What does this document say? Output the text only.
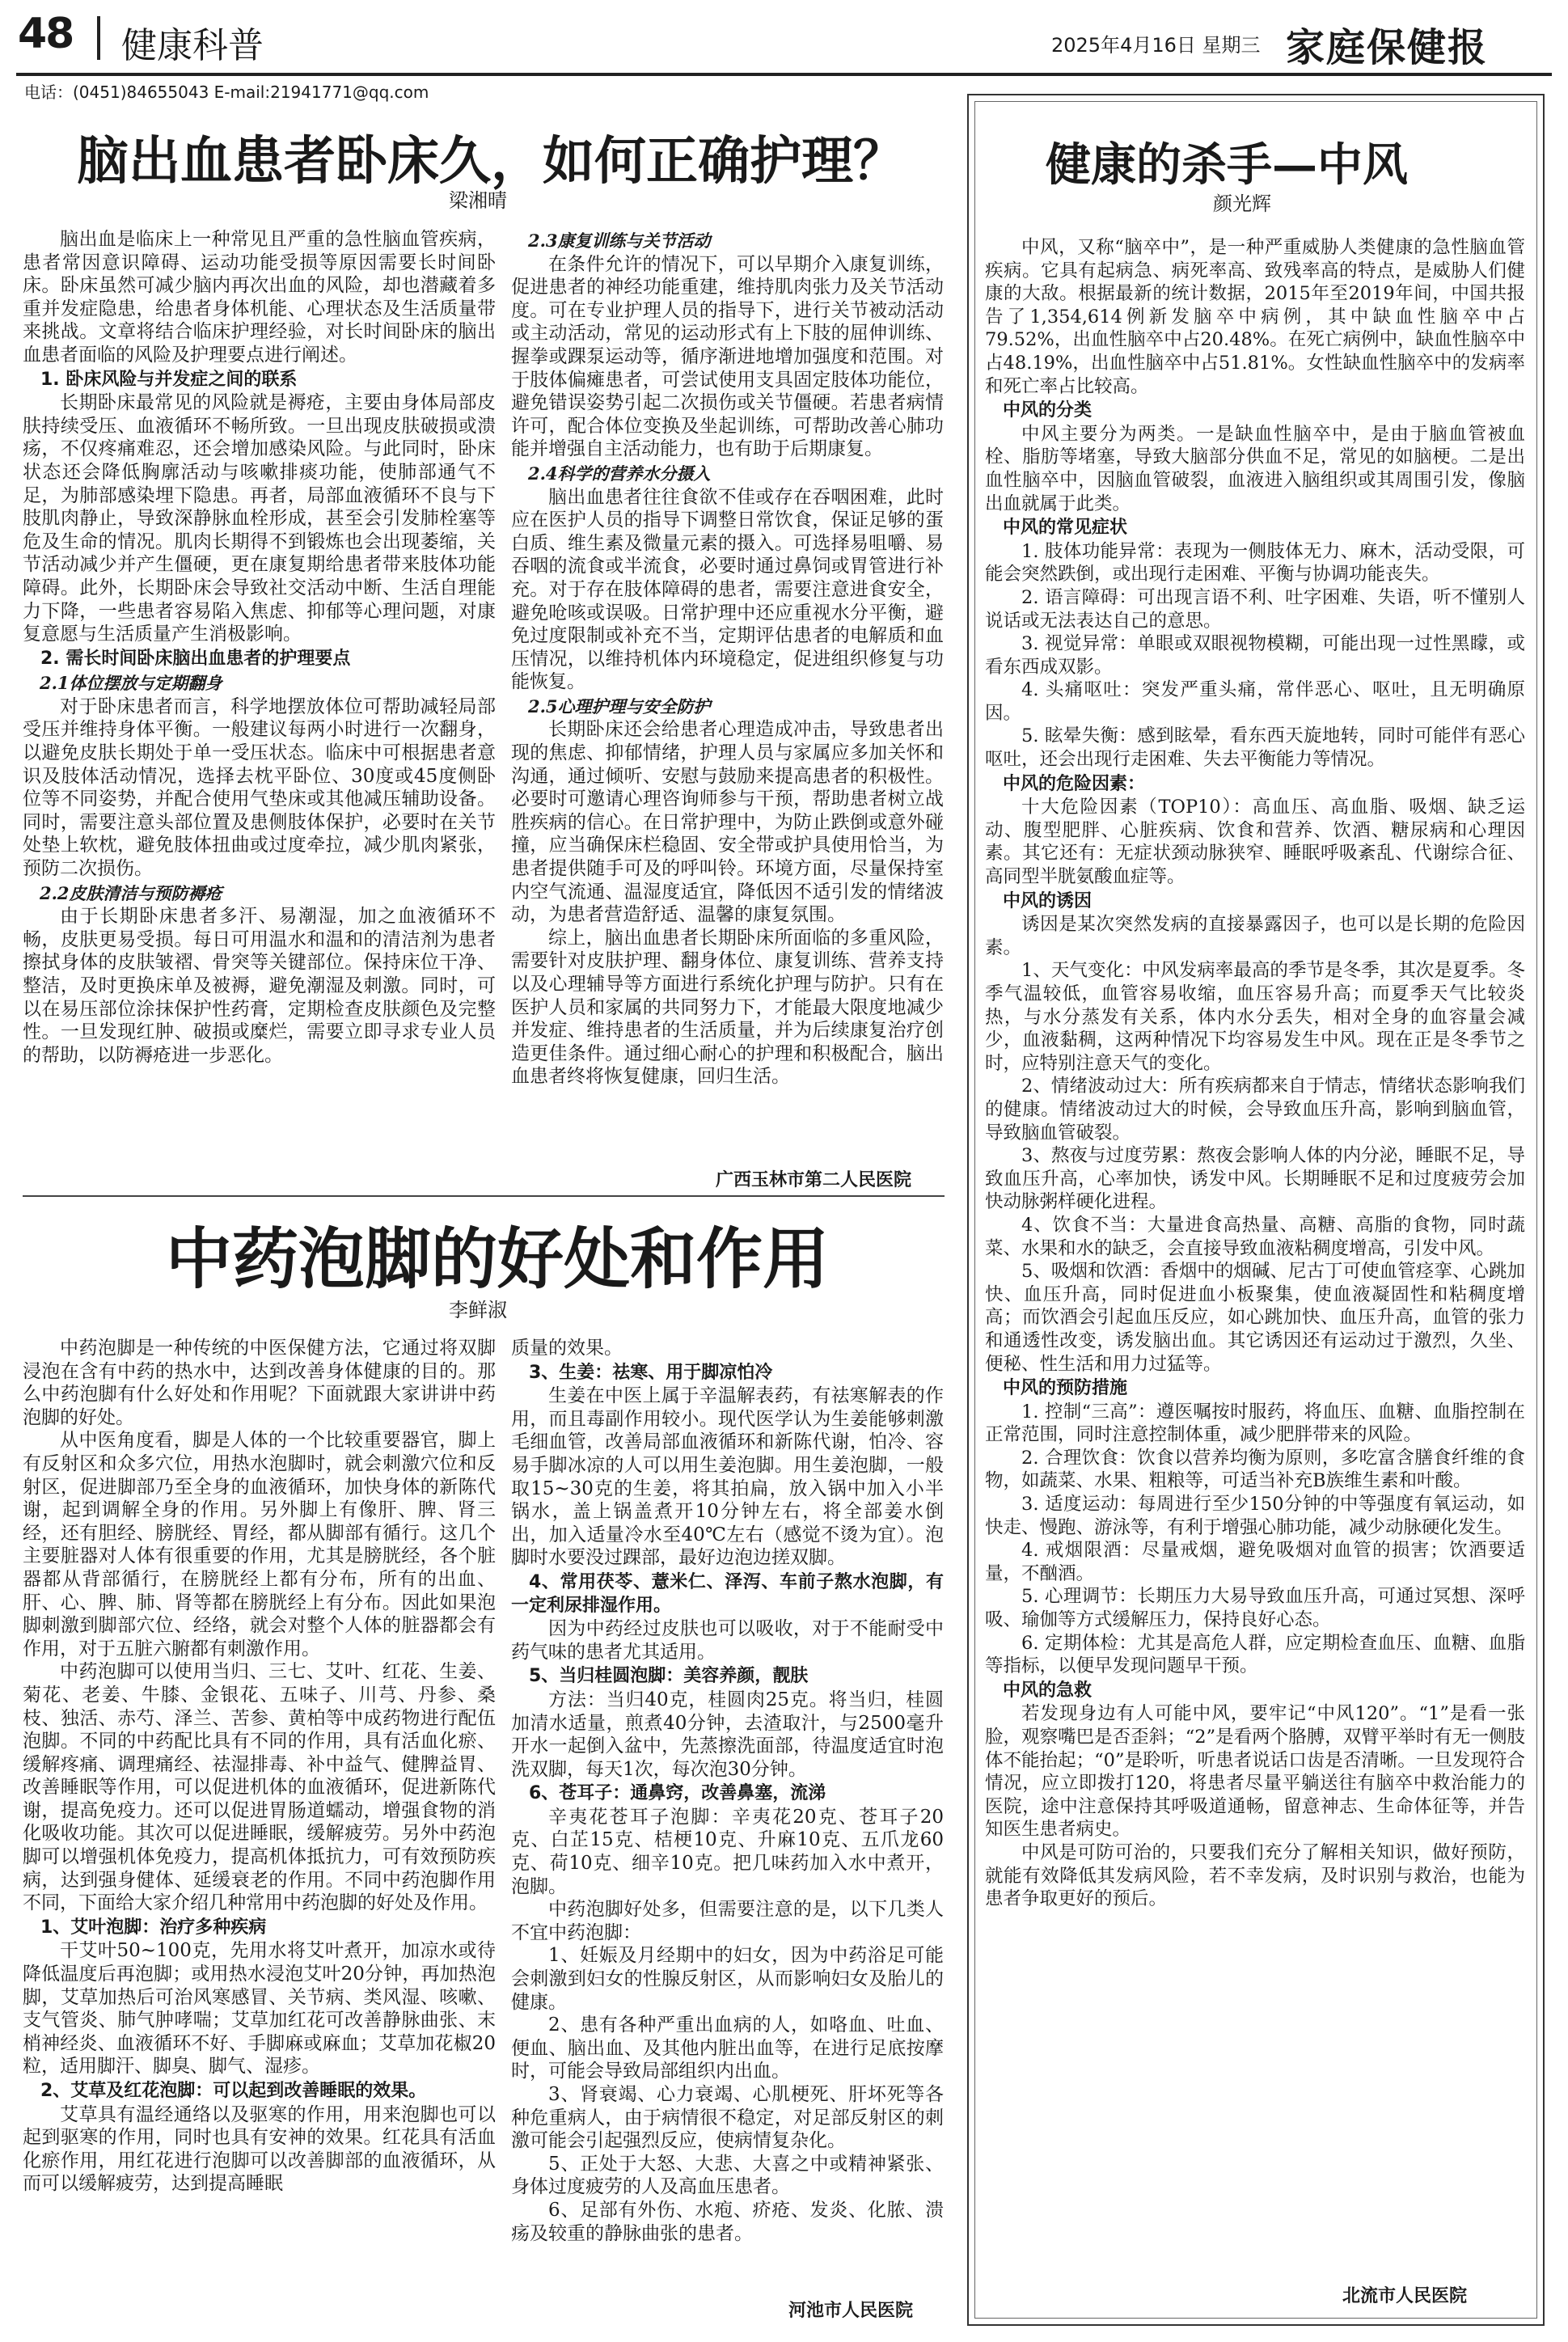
48 健康科普	2025年4月16日 星期三 家庭保健报
电话：(0451)84655043 E-mail:21941771@qq.com
脑出血患者卧床久，如何正确护理？
梁湘晴

脑出血是临床上一种常见且严重的急性脑血管疾病，患者常因意识障碍、运动功能受损等原因需要长时间卧床。卧床虽然可减少脑内再次出血的风险，却也潜藏着多重并发症隐患，给患者身体机能、心理状态及生活质量带来挑战。文章将结合临床护理经验，对长时间卧床的脑出血患者面临的风险及护理要点进行阐述。

1. 卧床风险与并发症之间的联系

长期卧床最常见的风险就是褥疮，主要由身体局部皮肤持续受压、血液循环不畅所致。一旦出现皮肤破损或溃疡，不仅疼痛难忍，还会增加感染风险。与此同时，卧床状态还会降低胸廓活动与咳嗽排痰功能，使肺部通气不足，为肺部感染埋下隐患。再者，局部血液循环不良与下肢肌肉静止，导致深静脉血栓形成，甚至会引发肺栓塞等危及生命的情况。肌肉长期得不到锻炼也会出现萎缩，关节活动减少并产生僵硬，更在康复期给患者带来肢体功能障碍。此外，长期卧床会导致社交活动中断、生活自理能力下降，一些患者容易陷入焦虑、抑郁等心理问题，对康复意愿与生活质量产生消极影响。

2. 需长时间卧床脑出血患者的护理要点
2.1体位摆放与定期翻身

对于卧床患者而言，科学地摆放体位可帮助减轻局部受压并维持身体平衡。一般建议每两小时进行一次翻身，以避免皮肤长期处于单一受压状态。临床中可根据患者意识及肢体活动情况，选择去枕平卧位、30度或45度侧卧位等不同姿势，并配合使用气垫床或其他减压辅助设备。同时，需要注意头部位置及患侧肢体保护，必要时在关节处垫上软枕，避免肢体扭曲或过度牵拉，减少肌肉紧张，预防二次损伤。

2.2皮肤清洁与预防褥疮

由于长期卧床患者多汗、易潮湿，加之血液循环不畅，皮肤更易受损。每日可用温水和温和的清洁剂为患者擦拭身体的皮肤皱褶、骨突等关键部位。保持床位干净、整洁，及时更换床单及被褥，避免潮湿及刺激。同时，可以在易压部位涂抹保护性药膏，定期检查皮肤颜色及完整性。一旦发现红肿、破损或糜烂，需要立即寻求专业人员的帮助，以防褥疮进一步恶化。

2.3康复训练与关节活动

在条件允许的情况下，可以早期介入康复训练，促进患者的神经功能重建，维持肌肉张力及关节活动度。可在专业护理人员的指导下，进行关节被动活动或主动活动，常见的运动形式有上下肢的屈伸训练、握拳或踝泵运动等，循序渐进地增加强度和范围。对于肢体偏瘫患者，可尝试使用支具固定肢体功能位，避免错误姿势引起二次损伤或关节僵硬。若患者病情许可，配合体位变换及坐起训练，可帮助改善心肺功能并增强自主活动能力，也有助于后期康复。

2.4科学的营养水分摄入

脑出血患者往往食欲不佳或存在吞咽困难，此时应在医护人员的指导下调整日常饮食，保证足够的蛋白质、维生素及微量元素的摄入。可选择易咀嚼、易吞咽的流食或半流食，必要时通过鼻饲或胃管进行补充。对于存在肢体障碍的患者，需要注意进食安全，避免呛咳或误吸。日常护理中还应重视水分平衡，避免过度限制或补充不当，定期评估患者的电解质和血压情况，以维持机体内环境稳定，促进组织修复与功能恢复。

2.5心理护理与安全防护

长期卧床还会给患者心理造成冲击，导致患者出现的焦虑、抑郁情绪，护理人员与家属应多加关怀和沟通，通过倾听、安慰与鼓励来提高患者的积极性。必要时可邀请心理咨询师参与干预，帮助患者树立战胜疾病的信心。在日常护理中，为防止跌倒或意外碰撞，应当确保床栏稳固、安全带或护具使用恰当，为患者提供随手可及的呼叫铃。环境方面，尽量保持室内空气流通、温湿度适宜，降低因不适引发的情绪波动，为患者营造舒适、温馨的康复氛围。

综上，脑出血患者长期卧床所面临的多重风险，需要针对皮肤护理、翻身体位、康复训练、营养支持以及心理辅导等方面进行系统化护理与防护。只有在医护人员和家属的共同努力下，才能最大限度地减少并发症、维持患者的生活质量，并为后续康复治疗创造更佳条件。通过细心耐心的护理和积极配合，脑出血患者终将恢复健康，回归生活。

广西玉林市第二人民医院
中药泡脚的好处和作用
李鲜淑

中药泡脚是一种传统的中医保健方法，它通过将双脚浸泡在含有中药的热水中，达到改善身体健康的目的。那么中药泡脚有什么好处和作用呢？下面就跟大家讲讲中药泡脚的好处。

从中医角度看，脚是人体的一个比较重要器官，脚上有反射区和众多穴位，用热水泡脚时，就会刺激穴位和反射区，促进脚部乃至全身的血液循环，加快身体的新陈代谢，起到调解全身的作用。另外脚上有像肝、脾、肾三经，还有胆经、膀胱经、胃经，都从脚部有循行。这几个主要脏器对人体有很重要的作用，尤其是膀胱经，各个脏器都从背部循行，在膀胱经上都有分布，所有的出血、肝、心、脾、肺、肾等都在膀胱经上有分布。因此如果泡脚刺激到脚部穴位、经络，就会对整个人体的脏器都会有作用，对于五脏六腑都有刺激作用。

中药泡脚可以使用当归、三七、艾叶、红花、生姜、菊花、老姜、牛膝、金银花、五味子、川芎、丹参、桑枝、独活、赤芍、泽兰、苦参、黄柏等中成药物进行配伍泡脚。不同的中药配比具有不同的作用，具有活血化瘀、缓解疼痛、调理痛经、祛湿排毒、补中益气、健脾益胃、改善睡眠等作用，可以促进机体的血液循环，促进新陈代谢，提高免疫力。还可以促进胃肠道蠕动，增强食物的消化吸收功能。其次可以促进睡眠，缓解疲劳。另外中药泡脚可以增强机体免疫力，提高机体抵抗力，可有效预防疾病，达到强身健体、延缓衰老的作用。不同中药泡脚作用不同，下面给大家介绍几种常用中药泡脚的好处及作用。

1、艾叶泡脚：治疗多种疾病

干艾叶50~100克，先用水将艾叶煮开，加凉水或待降低温度后再泡脚；或用热水浸泡艾叶20分钟，再加热泡脚，艾草加热后可治风寒感冒、关节病、类风湿、咳嗽、支气管炎、肺气肿哮喘；艾草加红花可改善静脉曲张、末梢神经炎、血液循环不好、手脚麻或麻血；艾草加花椒20粒，适用脚汗、脚臭、脚气、湿疹。

2、艾草及红花泡脚：可以起到改善睡眠的效果。

艾草具有温经通络以及驱寒的作用，用来泡脚也可以起到驱寒的作用，同时也具有安神的效果。红花具有活血化瘀作用，用红花进行泡脚可以改善脚部的血液循环，从而可以缓解疲劳，达到提高睡眠

质量的效果。

3、生姜：祛寒、用于脚凉怕冷

生姜在中医上属于辛温解表药，有祛寒解表的作用，而且毒副作用较小。现代医学认为生姜能够刺激毛细血管，改善局部血液循环和新陈代谢，怕冷、容易手脚冰凉的人可以用生姜泡脚。用生姜泡脚，一般取15~30克的生姜，将其拍扁，放入锅中加入小半锅水，盖上锅盖煮开10分钟左右，将全部姜水倒出，加入适量冷水至40℃左右（感觉不烫为宜）。泡脚时水要没过踝部，最好边泡边搓双脚。

4、常用茯苓、薏米仁、泽泻、车前子熬水泡脚，有一定利尿排湿作用。

因为中药经过皮肤也可以吸收，对于不能耐受中药气味的患者尤其适用。

5、当归桂圆泡脚：美容养颜，靓肤

方法：当归40克，桂圆肉25克。将当归，桂圆加清水适量，煎煮40分钟，去渣取汁，与2500毫升开水一起倒入盆中，先蒸擦洗面部，待温度适宜时泡洗双脚，每天1次，每次泡30分钟。

6、苍耳子：通鼻窍，改善鼻塞，流涕

辛夷花苍耳子泡脚：辛夷花20克、苍耳子20克、白芷15克、桔梗10克、升麻10克、五爪龙60克、荷10克、细辛10克。把几味药加入水中煮开，泡脚。

中药泡脚好处多，但需要注意的是，以下几类人不宜中药泡脚：

1、妊娠及月经期中的妇女，因为中药浴足可能会刺激到妇女的性腺反射区，从而影响妇女及胎儿的健康。

2、患有各种严重出血病的人，如咯血、吐血、便血、脑出血、及其他内脏出血等，在进行足底按摩时，可能会导致局部组织内出血。

3、肾衰竭、心力衰竭、心肌梗死、肝坏死等各种危重病人，由于病情很不稳定，对足部反射区的刺激可能会引起强烈反应，使病情复杂化。

5、正处于大怒、大悲、大喜之中或精神紧张、身体过度疲劳的人及高血压患者。

6、足部有外伤、水疱、疥疮、发炎、化脓、溃疡及较重的静脉曲张的患者。

河池市人民医院
健康的杀手—中风
颜光辉

中风，又称“脑卒中”，是一种严重威胁人类健康的急性脑血管疾病。它具有起病急、病死率高、致残率高的特点，是威胁人们健康的大敌。根据最新的统计数据，2015年至2019年间，中国共报告了1,354,614例新发脑卒中病例，其中缺血性脑卒中占79.52%，出血性脑卒中占20.48%。在死亡病例中，缺血性脑卒中占48.19%，出血性脑卒中占51.81%。女性缺血性脑卒中的发病率和死亡率占比较高。

中风的分类

中风主要分为两类。一是缺血性脑卒中，是由于脑血管被血栓、脂肪等堵塞，导致大脑部分供血不足，常见的如脑梗。二是出血性脑卒中，因脑血管破裂，血液进入脑组织或其周围引发，像脑出血就属于此类。

中风的常见症状

1. 肢体功能异常：表现为一侧肢体无力、麻木，活动受限，可能会突然跌倒，或出现行走困难、平衡与协调功能丧失。

2. 语言障碍：可出现言语不利、吐字困难、失语，听不懂别人说话或无法表达自己的意思。

3. 视觉异常：单眼或双眼视物模糊，可能出现一过性黑矇，或看东西成双影。

4. 头痛呕吐：突发严重头痛，常伴恶心、呕吐，且无明确原因。

5. 眩晕失衡：感到眩晕，看东西天旋地转，同时可能伴有恶心呕吐，还会出现行走困难、失去平衡能力等情况。

中风的危险因素：

十大危险因素（TOP10）：高血压、高血脂、吸烟、缺乏运动、腹型肥胖、心脏疾病、饮食和营养、饮酒、糖尿病和心理因素。其它还有：无症状颈动脉狭窄、睡眠呼吸紊乱、代谢综合征、高同型半胱氨酸血症等。

中风的诱因

诱因是某次突然发病的直接暴露因子，也可以是长期的危险因素。

1、天气变化：中风发病率最高的季节是冬季，其次是夏季。冬季气温较低，血管容易收缩，血压容易升高；而夏季天气比较炎热，与水分蒸发有关系，体内水分丢失，相对全身的血容量会减少，血液黏稠，这两种情况下均容易发生中风。现在正是冬季节之时，应特别注意天气的变化。

2、情绪波动过大：所有疾病都来自于情志，情绪状态影响我们的健康。情绪波动过大的时候，会导致血压升高，影响到脑血管，导致脑血管破裂。

3、熬夜与过度劳累：熬夜会影响人体的内分泌，睡眠不足，导致血压升高，心率加快，诱发中风。长期睡眠不足和过度疲劳会加快动脉粥样硬化进程。

4、饮食不当：大量进食高热量、高糖、高脂的食物，同时蔬菜、水果和水的缺乏，会直接导致血液粘稠度增高，引发中风。

5、吸烟和饮酒：香烟中的烟碱、尼古丁可使血管痉挛、心跳加快、血压升高，同时促进血小板聚集，使血液凝固性和粘稠度增高；而饮酒会引起血压反应，如心跳加快、血压升高，血管的张力和通透性改变，诱发脑出血。其它诱因还有运动过于激烈，久坐、便秘、性生活和用力过猛等。

中风的预防措施

1. 控制“三高”：遵医嘱按时服药，将血压、血糖、血脂控制在正常范围，同时注意控制体重，减少肥胖带来的风险。

2. 合理饮食：饮食以营养均衡为原则，多吃富含膳食纤维的食物，如蔬菜、水果、粗粮等，可适当补充B族维生素和叶酸。

3. 适度运动：每周进行至少150分钟的中等强度有氧运动，如快走、慢跑、游泳等，有利于增强心肺功能，减少动脉硬化发生。

4. 戒烟限酒：尽量戒烟，避免吸烟对血管的损害；饮酒要适量，不酗酒。

5. 心理调节：长期压力大易导致血压升高，可通过冥想、深呼吸、瑜伽等方式缓解压力，保持良好心态。

6. 定期体检：尤其是高危人群，应定期检查血压、血糖、血脂等指标，以便早发现问题早干预。

中风的急救

若发现身边有人可能中风，要牢记“中风120”。“1”是看一张脸，观察嘴巴是否歪斜；“2”是看两个胳膊，双臂平举时有无一侧肢体不能抬起；“0”是聆听，听患者说话口齿是否清晰。一旦发现符合情况，应立即拨打120，将患者尽量平躺送往有脑卒中救治能力的医院，途中注意保持其呼吸道通畅，留意神志、生命体征等，并告知医生患者病史。

中风是可防可治的，只要我们充分了解相关知识，做好预防，就能有效降低其发病风险，若不幸发病，及时识别与救治，也能为患者争取更好的预后。

北流市人民医院
